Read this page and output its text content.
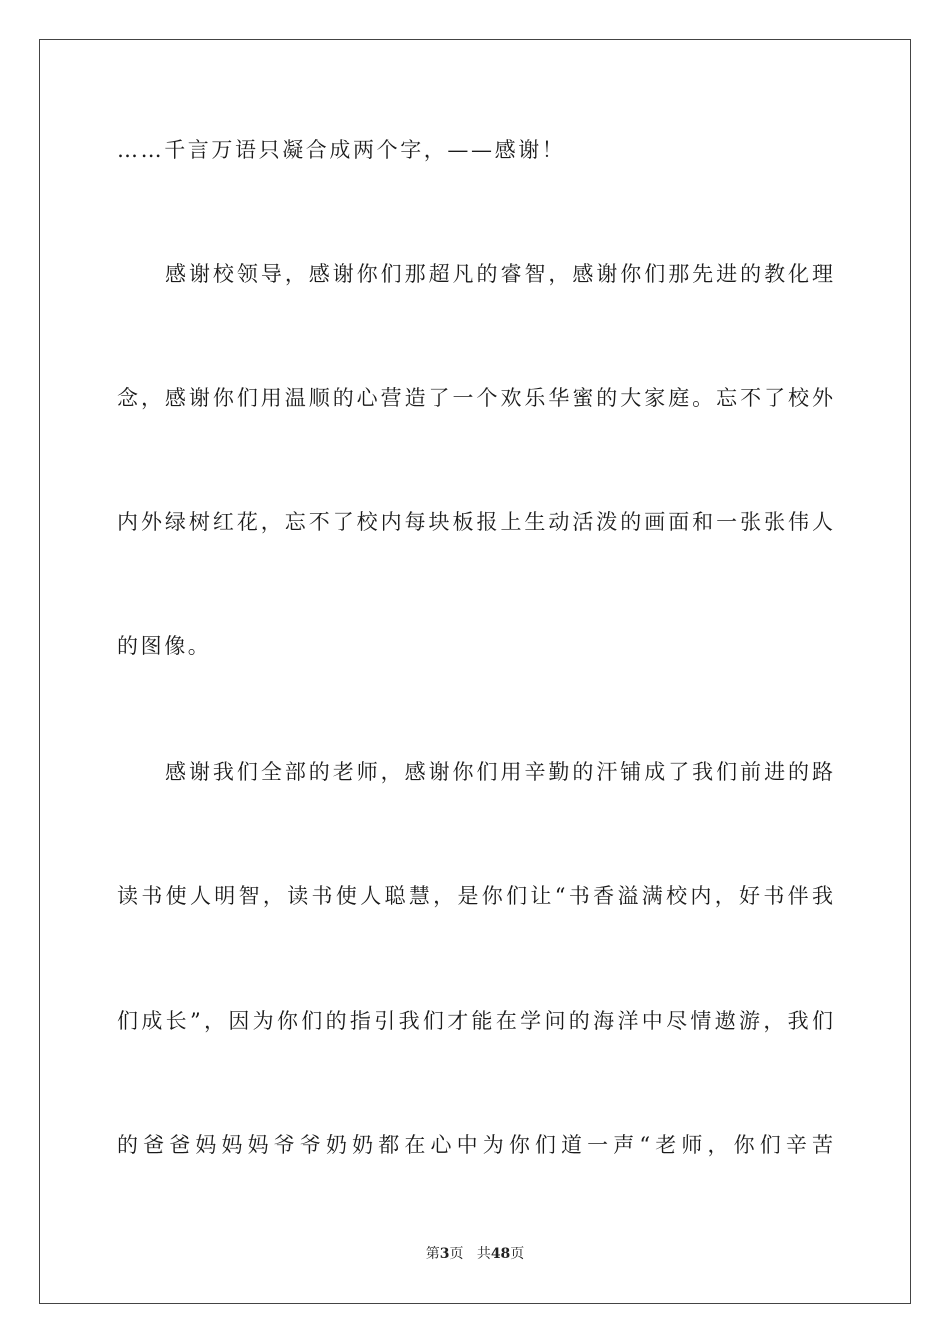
……千言万语只凝合成两个字，——感谢！
感谢校领导，感谢你们那超凡的睿智，感谢你们那先进的教化理
念，感谢你们用温顺的心营造了一个欢乐华蜜的大家庭。忘不了校外
内外绿树红花，忘不了校内每块板报上生动活泼的画面和一张张伟人
的图像。
感谢我们全部的老师，感谢你们用辛勤的汗铺成了我们前进的路
读书使人明智，读书使人聪慧，是你们让“书香溢满校内，好书伴我
们成长”，因为你们的指引我们才能在学问的海洋中尽情遨游，我们
的爸爸妈妈妈爷爷奶奶都在心中为你们道一声“老师，你们辛苦
第3页 共48页
